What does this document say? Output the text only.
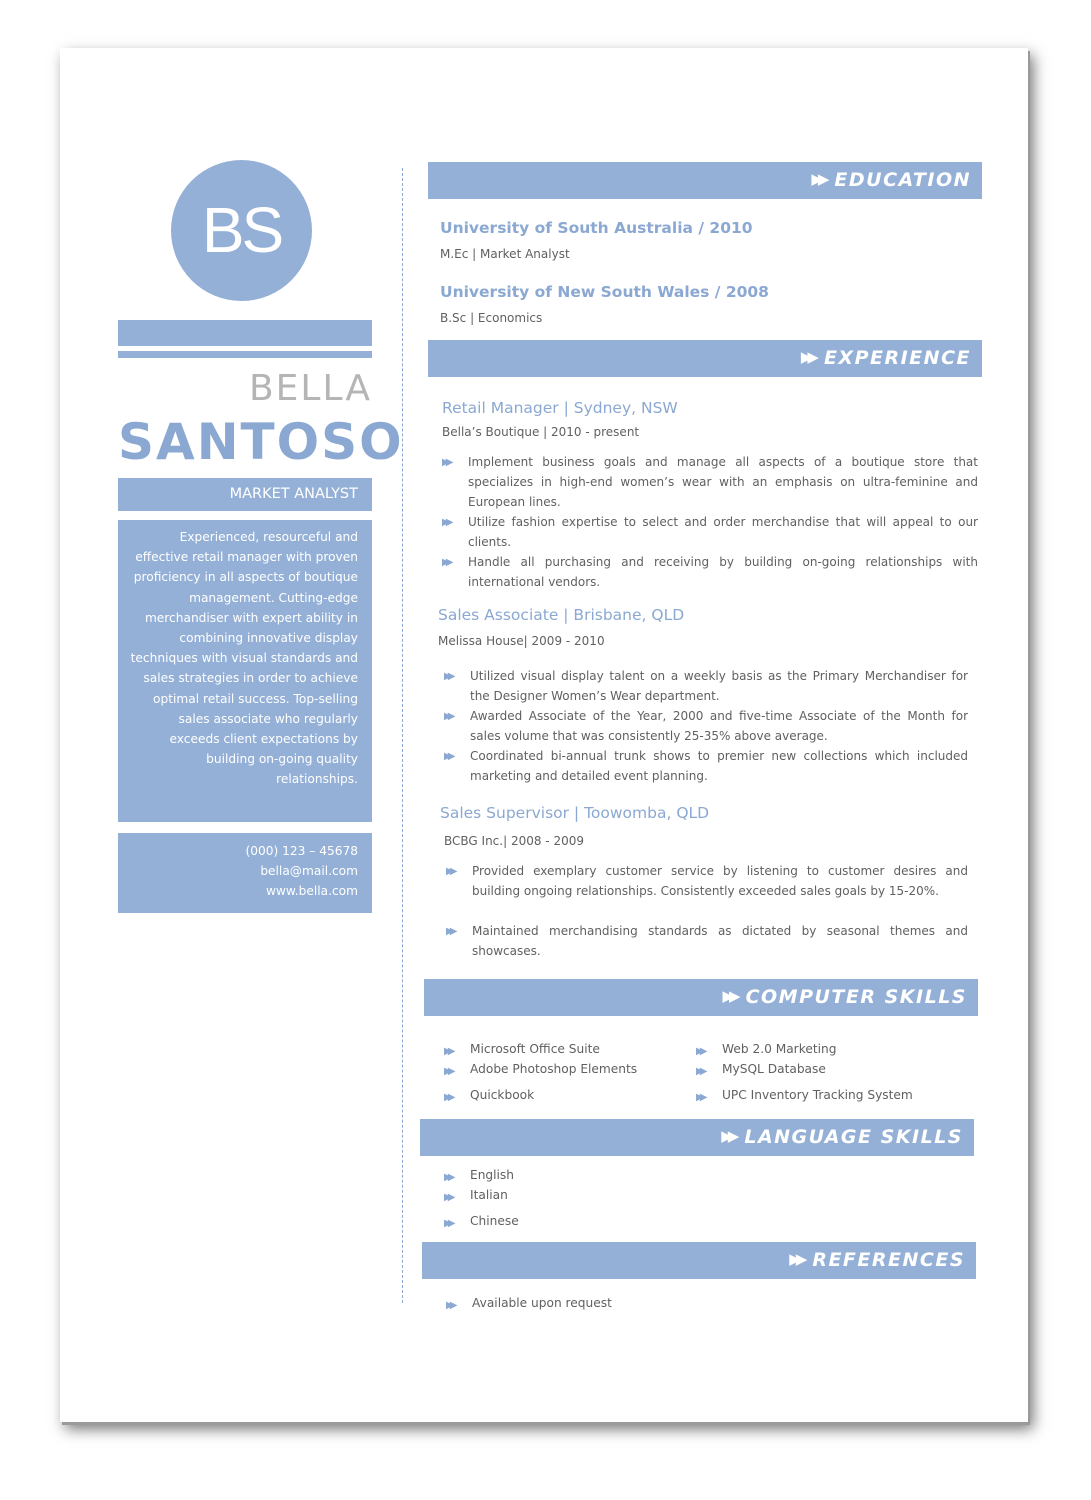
BS
BELLA
SANTOSO
MARKET ANALYST
Experienced, resourceful and effective retail manager with proven proficiency in all aspects of boutique management. Cutting-edge merchandiser with expert ability in combining innovative display techniques with visual standards and sales strategies in order to achieve optimal retail success. Top-selling sales associate who regularly exceeds client expectations by building on-going quality relationships.
(000) 123 – 45678
bella@mail.com
www.bella.com
▶▶ EDUCATION
University of South Australia / 2010
M.Ec | Market Analyst
University of New South Wales / 2008
B.Sc | Economics
▶▶ EXPERIENCE
Retail Manager | Sydney, NSW
Bella’s Boutique | 2010 - present
▶▶ Implement business goals and manage all aspects of a boutique store that specializes in high-end women’s wear with an emphasis on ultra-feminine and European lines.
▶▶ Utilize fashion expertise to select and order merchandise that will appeal to our clients.
▶▶ Handle all purchasing and receiving by building on-going relationships with international vendors.
Sales Associate | Brisbane, QLD
Melissa House| 2009 - 2010
▶▶ Utilized visual display talent on a weekly basis as the Primary Merchandiser for the Designer Women’s Wear department.
▶▶ Awarded Associate of the Year, 2000 and five-time Associate of the Month for sales volume that was consistently 25-35% above average.
▶▶ Coordinated bi-annual trunk shows to premier new collections which included marketing and detailed event planning.
Sales Supervisor | Toowomba, QLD
BCBG Inc.| 2008 - 2009
▶▶ Provided exemplary customer service by listening to customer desires and building ongoing relationships. Consistently exceeded sales goals by 15-20%.
▶▶ Maintained merchandising standards as dictated by seasonal themes and showcases.
▶▶ COMPUTER SKILLS
▶▶ Microsoft Office Suite
▶▶ Adobe Photoshop Elements
▶▶ Quickbook
▶▶ Web 2.0 Marketing
▶▶ MySQL Database
▶▶ UPC Inventory Tracking System
▶▶ LANGUAGE SKILLS
▶▶ English
▶▶ Italian
▶▶ Chinese
▶▶ REFERENCES
▶▶ Available upon request
